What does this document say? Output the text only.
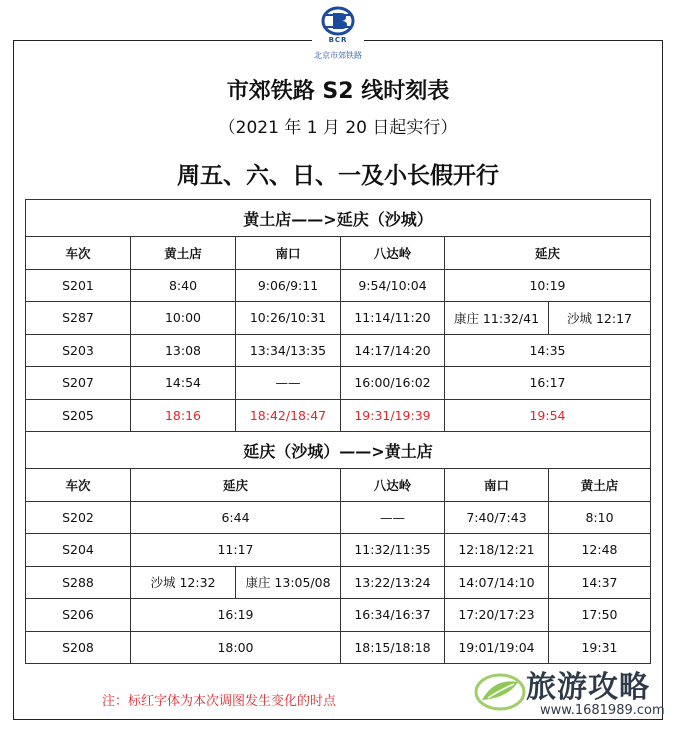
BCR
北京市郊铁路
市郊铁路 S2 线时刻表
（2021 年 1 月 20 日起实行）
周五、六、日、一及小长假开行
黄土店——>延庆（沙城）					
车次	黄土店	南口	八达岭	延庆	
S201	8:40	9:06/9:11	9:54/10:04	10:19	
S287	10:00	10:26/10:31	11:14/11:20	康庄 11:32/41	沙城 12:17
S203	13:08	13:34/13:35	14:17/14:20	14:35	
S207	14:54	——	16:00/16:02	16:17	
S205	18:16	18:42/18:47	19:31/19:39	19:54	
延庆（沙城）——>黄土店					
车次	延庆		八达岭	南口	黄土店
S202	6:44		——	7:40/7:43	8:10
S204	11:17		11:32/11:35	12:18/12:21	12:48
S288	沙城 12:32	康庄 13:05/08	13:22/13:24	14:07/14:10	14:37
S206	16:19		16:34/16:37	17:20/17:23	17:50
S208	18:00		18:15/18:18	19:01/19:04	19:31
注：标红字体为本次调图发生变化的时点	旅游攻略
www.1681989.com
